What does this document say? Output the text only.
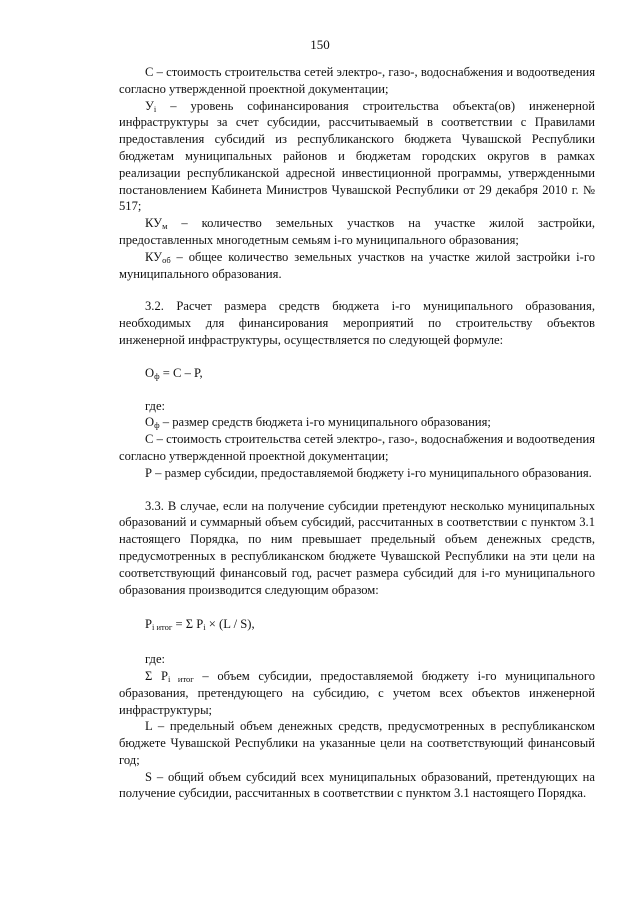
150

С – стоимость строительства сетей электро-, газо-, водоснабжения и водоотведения согласно утвержденной проектной документации;

$У_i$ – уровень софинансирования строительства объекта(ов) инженерной инфраструктуры за счет субсидии, рассчитываемый в соответствии с Правилами предоставления субсидий из республиканского бюджета Чувашской Республики бюджетам муниципальных районов и бюджетам городских округов в рамках реализации республиканской адресной инвестиционной программы, утвержденными постановлением Кабинета Министров Чувашской Республики от 29 декабря 2010 г. № 517;

$КУ_м$ – количество земельных участков на участке жилой застройки, предоставленных многодетным семьям i-го муниципального образования;

$КУ_{об}$ – общее количество земельных участков на участке жилой застройки i-го муниципального образования.

3.2. Расчет размера средств бюджета i-го муниципального образования, необходимых для финансирования мероприятий по строительству объектов инженерной инфраструктуры, осуществляется по следующей формуле:

$О_ф = С - Р$,

где:

$О_ф$ – размер средств бюджета i-го муниципального образования;

С – стоимость строительства сетей электро-, газо-, водоснабжения и водоотведения согласно утвержденной проектной документации;

Р – размер субсидии, предоставляемой бюджету i-го муниципального образования.

3.3. В случае, если на получение субсидии претендуют несколько муниципальных образований и суммарный объем субсидий, рассчитанных в соответствии с пунктом 3.1 настоящего Порядка, по ним превышает предельный объем денежных средств, предусмотренных в республиканском бюджете Чувашской Республики на эти цели на соответствующий финансовый год, расчет размера субсидий для i-го муниципального образования производится следующим образом:

$Р_{i итог} = \Sigma$ $Р_i \times (L / S)$,

где:

Σ $Р_{i итог}$ – объем субсидии, предоставляемой бюджету i-го муниципального образования, претендующего на субсидию, с учетом всех объектов инженерной инфраструктуры;

L – предельный объем денежных средств, предусмотренных в республиканском бюджете Чувашской Республики на указанные цели на соответствующий финансовый год;

S – общий объем субсидий всех муниципальных образований, претендующих на получение субсидии, рассчитанных в соответствии с пунктом 3.1 настоящего Порядка.
